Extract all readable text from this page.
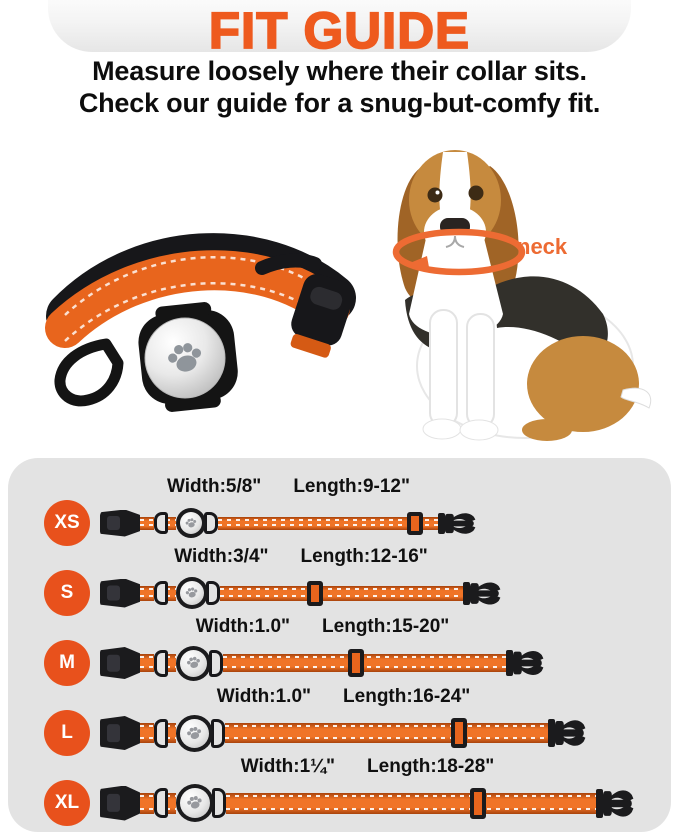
FIT GUIDE

Measure loosely where their collar sits.
Check our guide for a snug-but-comfy fit.

neck
XS
Width:5/8" Length:9-12"
S
Width:3/4" Length:12-16"
M
Width:1.0" Length:15-20"
L
Width:1.0" Length:16-24"
XL
Width:1¼" Length:18-28"
